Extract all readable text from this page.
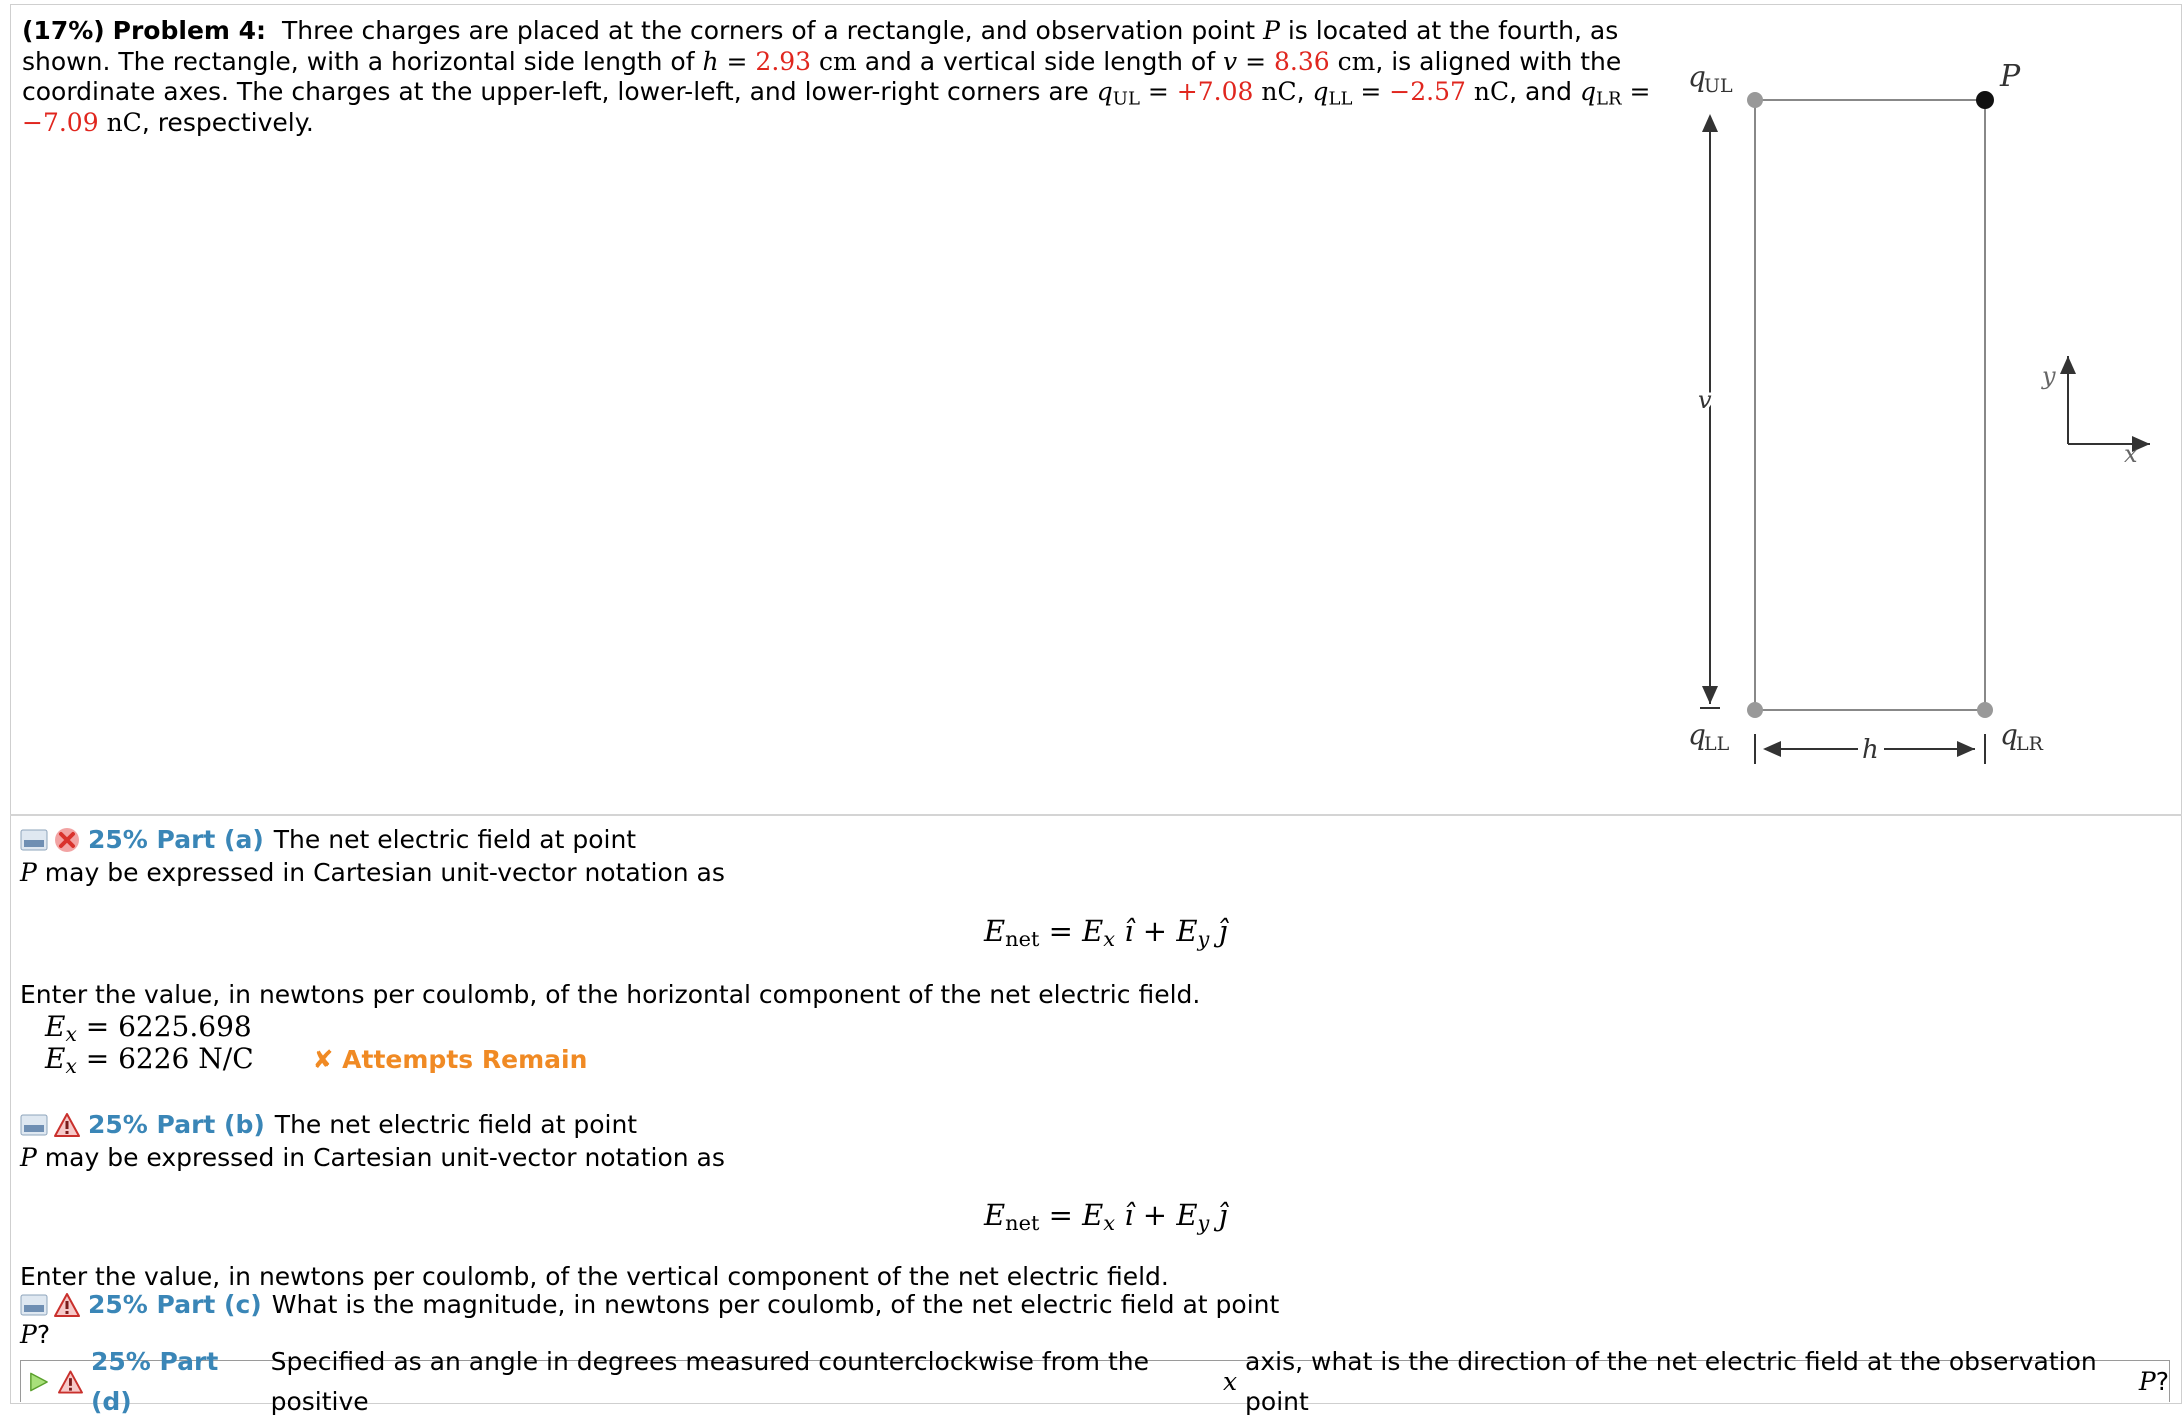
(17%) Problem 4: Three charges are placed at the corners of a rectangle, and observation point P is located at the fourth, as shown. The rectangle, with a horizontal side length of h = 2.93 cm and a vertical side length of v = 8.36 cm, is aligned with the coordinate axes. The charges at the upper-left, lower-left, and lower-right corners are $q_{UL} = +7.08$ nC, $q_{LL} = -2.57$ nC, and $q_{LR} = -7.09$ nC, respectively.
q
UL	P
q
LL	q
LR
v
h
y
x
25% Part (a) The net electric field at point
P may be expressed in Cartesian unit-vector notation as
$E_{net} = E_x$ ı̂ + $E_y$ ȷ̂
Enter the value, in newtons per coulomb, of the horizontal component of the net electric field.
$E_x = 6225.698$
$E_x = 6226$ N/C ✘ Attempts Remain
25% Part (b) The net electric field at point
P may be expressed in Cartesian unit-vector notation as
$E_{net} = E_x$ ı̂ + $E_y$ ȷ̂
Enter the value, in newtons per coulomb, of the vertical component of the net electric field.
25% Part (c) What is the magnitude, in newtons per coulomb, of the net electric field at point
P?
25% Part (d)
Specified as an angle in degrees measured counterclockwise from the positive

x

axis, what is the direction of the net electric field at the observation point

P ?
